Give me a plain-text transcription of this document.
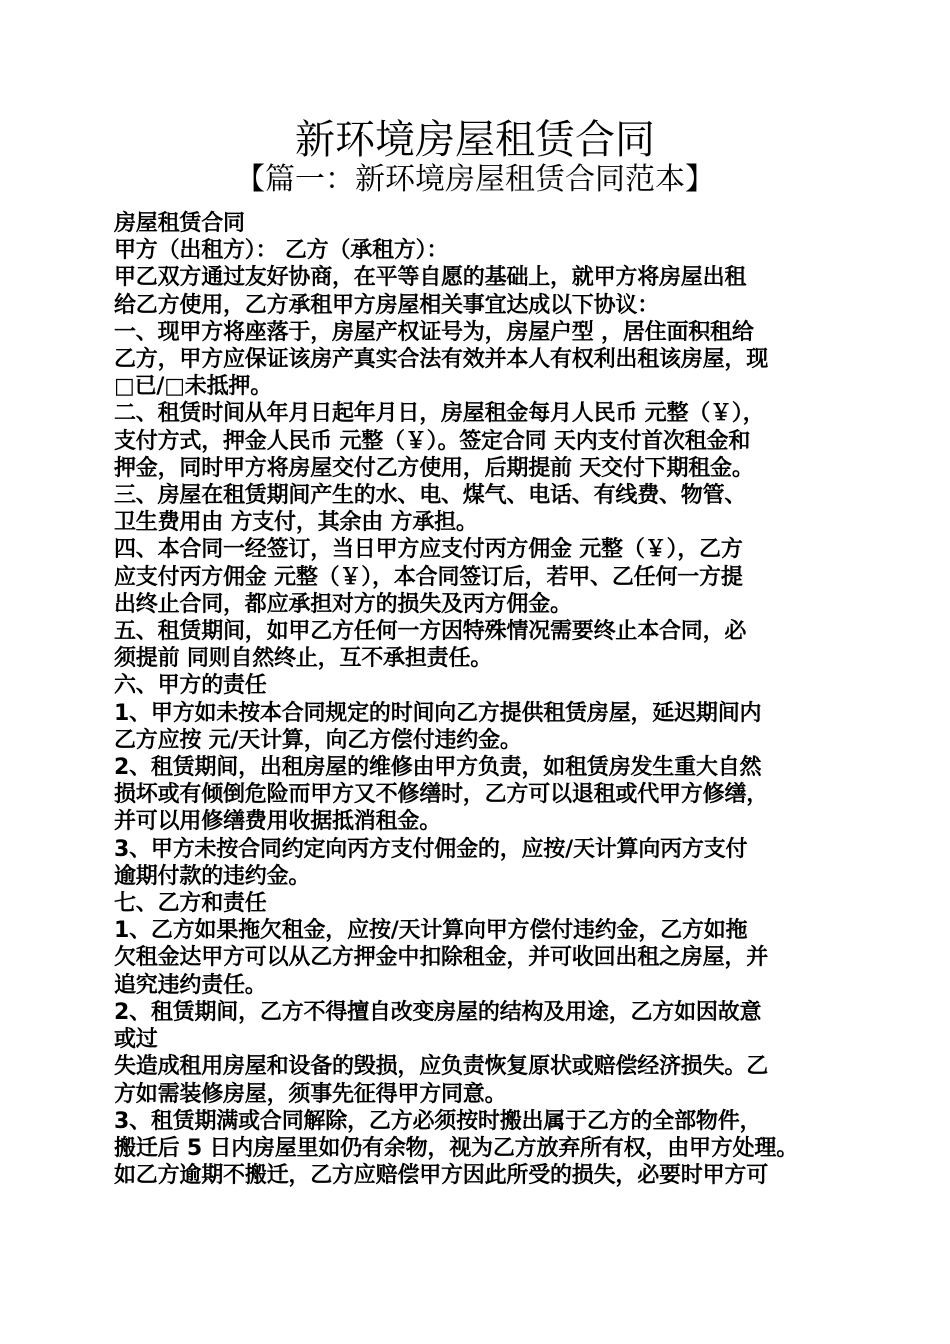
新环境房屋租赁合同
【篇一：新环境房屋租赁合同范本】
房屋租赁合同
甲方（出租方）： 乙方（承租方）：
甲乙双方通过友好协商，在平等自愿的基础上，就甲方将房屋出租
给乙方使用，乙方承租甲方房屋相关事宜达成以下协议：
一、现甲方将座落于，房屋产权证号为，房屋户型 ，居住面积租给
乙方，甲方应保证该房产真实合法有效并本人有权利出租该房屋，现
□已/□未抵押。
二、租赁时间从年月日起年月日，房屋租金每月人民币 元整（￥），
支付方式，押金人民币 元整（￥）。签定合同 天内支付首次租金和
押金，同时甲方将房屋交付乙方使用，后期提前 天交付下期租金。
三、房屋在租赁期间产生的水、电、煤气、电话、有线费、物管、
卫生费用由 方支付，其余由 方承担。
四、本合同一经签订，当日甲方应支付丙方佣金 元整（￥），乙方
应支付丙方佣金 元整（￥），本合同签订后，若甲、乙任何一方提
出终止合同，都应承担对方的损失及丙方佣金。
五、租赁期间，如甲乙方任何一方因特殊情况需要终止本合同，必
须提前 同则自然终止，互不承担责任。
六、甲方的责任
1、甲方如未按本合同规定的时间向乙方提供租赁房屋，延迟期间内
乙方应按 元/天计算，向乙方偿付违约金。
2、租赁期间，出租房屋的维修由甲方负责，如租赁房发生重大自然
损坏或有倾倒危险而甲方又不修缮时，乙方可以退租或代甲方修缮，
并可以用修缮费用收据抵消租金。
3、甲方未按合同约定向丙方支付佣金的，应按/天计算向丙方支付
逾期付款的违约金。
七、乙方和责任
1、乙方如果拖欠租金，应按/天计算向甲方偿付违约金，乙方如拖
欠租金达甲方可以从乙方押金中扣除租金，并可收回出租之房屋，并
追究违约责任。
2、租赁期间，乙方不得擅自改变房屋的结构及用途，乙方如因故意
或过
失造成租用房屋和设备的毁损，应负责恢复原状或赔偿经济损失。乙
方如需装修房屋，须事先征得甲方同意。
3、租赁期满或合同解除，乙方必须按时搬出属于乙方的全部物件，
搬迁后 5 日内房屋里如仍有余物，视为乙方放弃所有权，由甲方处理。
如乙方逾期不搬迁，乙方应赔偿甲方因此所受的损失，必要时甲方可
